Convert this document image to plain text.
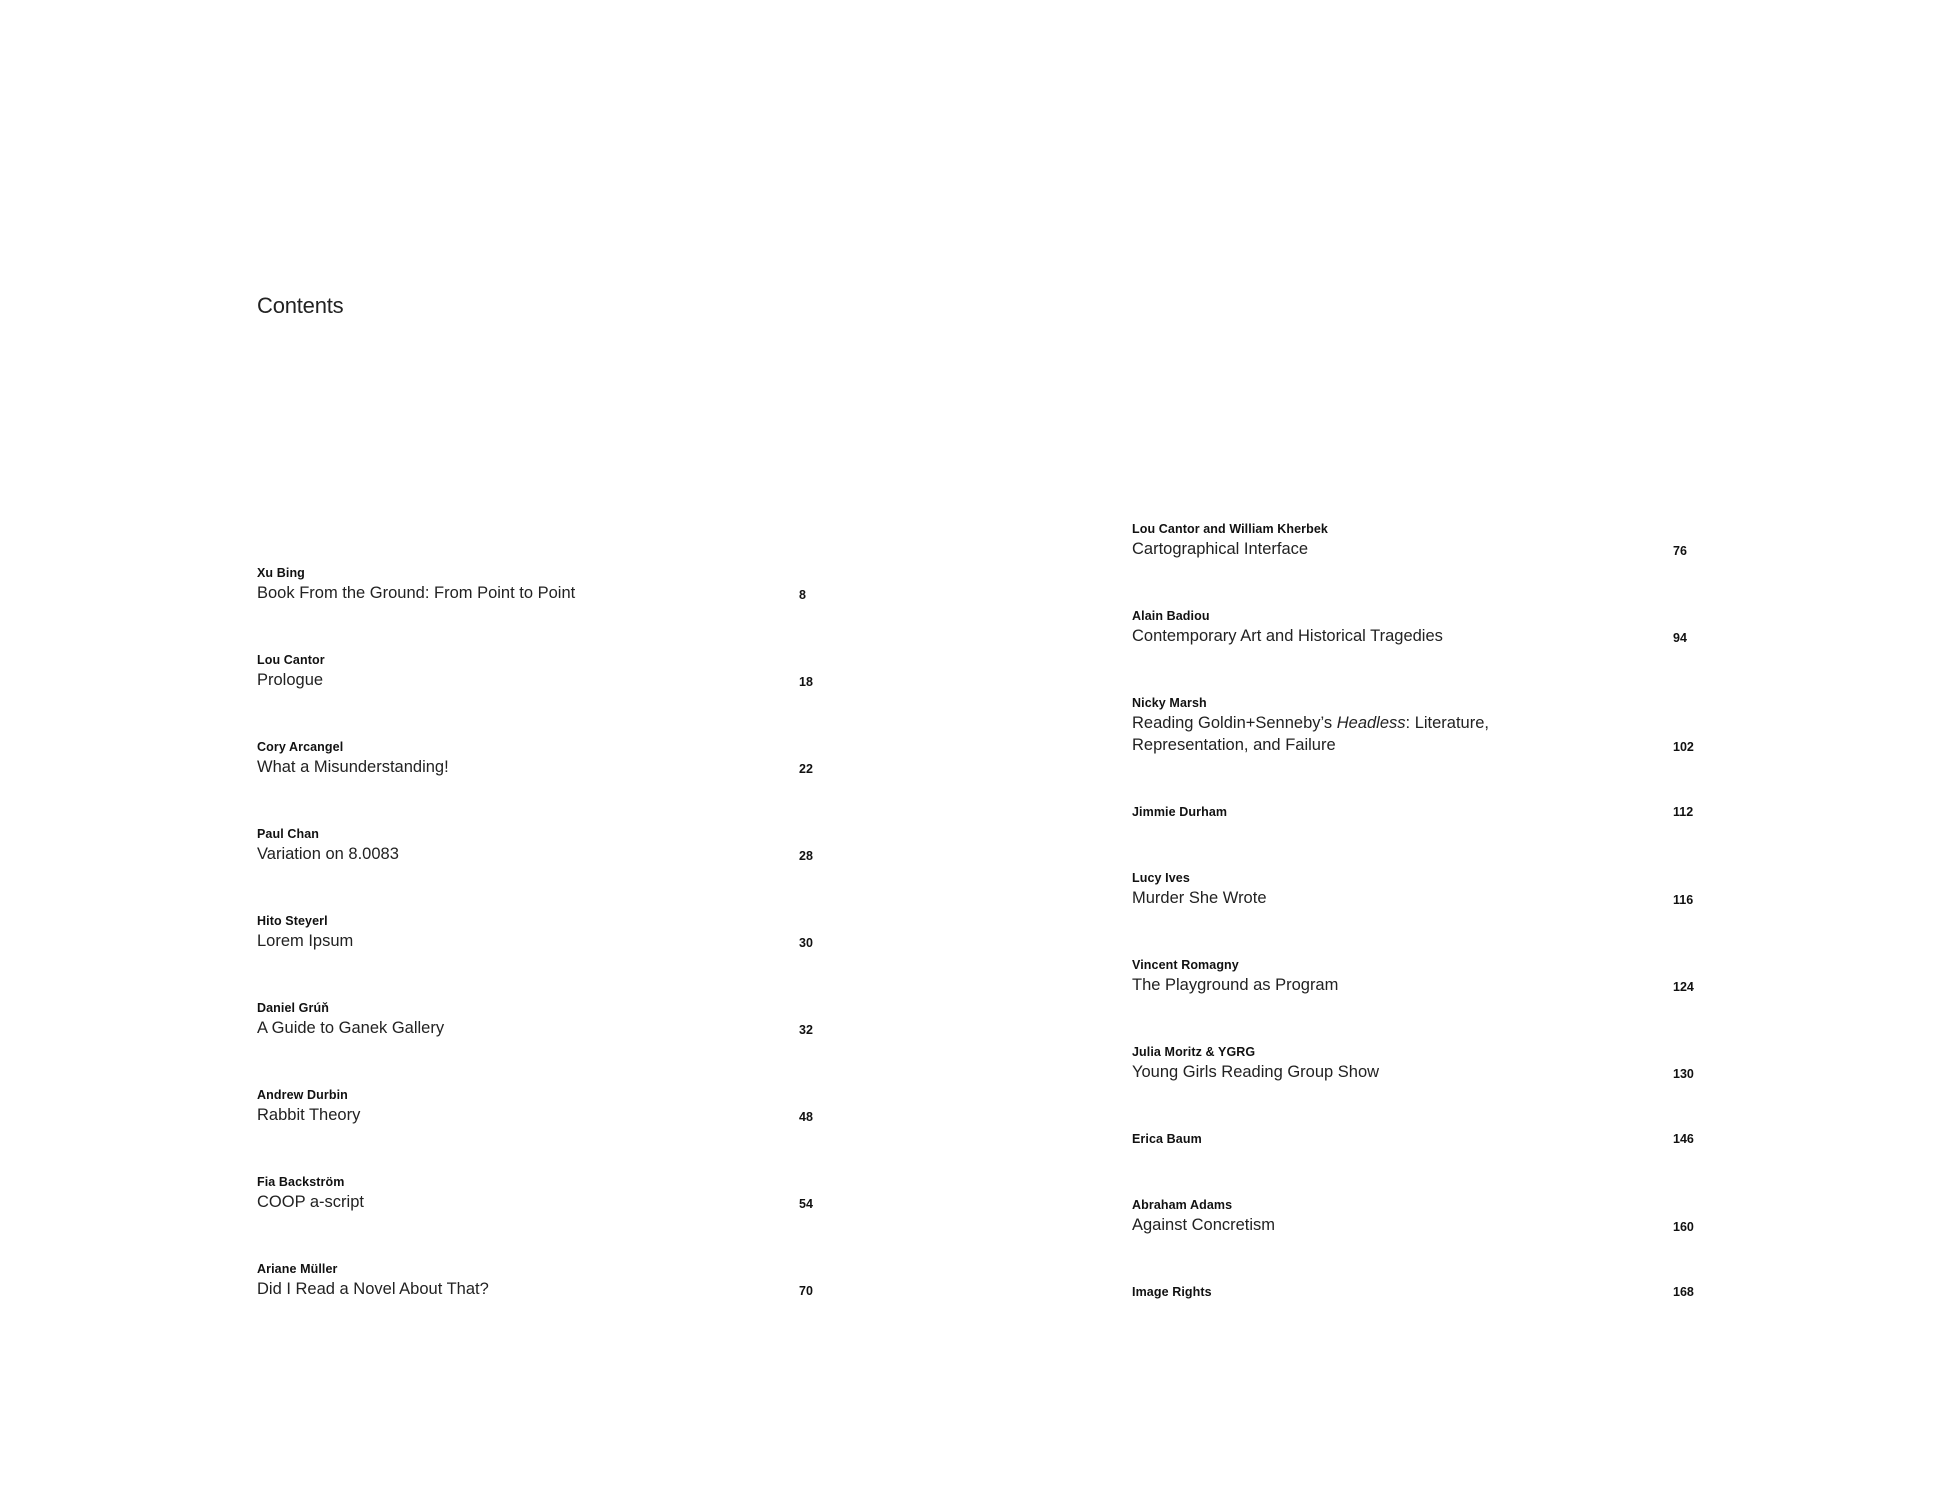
Contents
Xu Bing
Book From the Ground: From Point to Point	8
Lou Cantor
Prologue	18
Cory Arcangel
What a Misunderstanding!	22
Paul Chan
Variation on 8.0083	28
Hito Steyerl
Lorem Ipsum	30
Daniel Grúň
A Guide to Ganek Gallery	32
Andrew Durbin
Rabbit Theory	48
Fia Backström
COOP a-script	54
Ariane Müller
Did I Read a Novel About That?	70
Lou Cantor and William Kherbek
Cartographical Interface	76
Alain Badiou
Contemporary Art and Historical Tragedies	94
Nicky Marsh
Reading Goldin+Senneby’s Headless: Literature,
Representation, and Failure	102
Jimmie Durham	112
Lucy Ives
Murder She Wrote	116
Vincent Romagny
The Playground as Program	124
Julia Moritz & YGRG
Young Girls Reading Group Show	130
Erica Baum	146
Abraham Adams
Against Concretism	160
Image Rights	168
